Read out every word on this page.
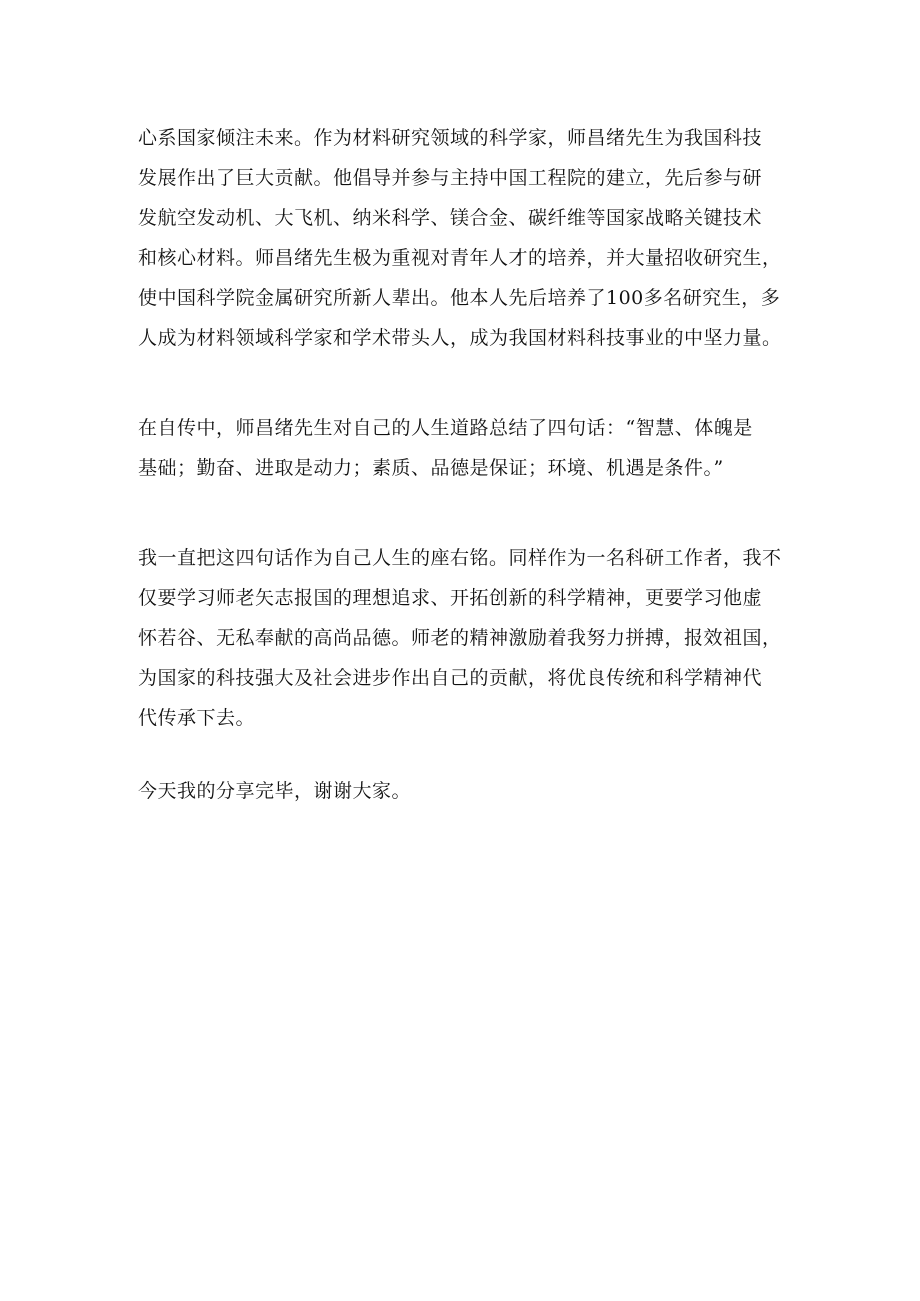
心系国家倾注未来。作为材料研究领域的科学家，师昌绪先生为我国科技
发展作出了巨大贡献。他倡导并参与主持中国工程院的建立，先后参与研
发航空发动机、大飞机、纳米科学、镁合金、碳纤维等国家战略关键技术
和核心材料。师昌绪先生极为重视对青年人才的培养，并大量招收研究生，
使中国科学院金属研究所新人辈出。他本人先后培养了100多名研究生，多
人成为材料领域科学家和学术带头人，成为我国材料科技事业的中坚力量。
在自传中，师昌绪先生对自己的人生道路总结了四句话：“智慧、体魄是
基础；勤奋、进取是动力；素质、品德是保证；环境、机遇是条件。”
我一直把这四句话作为自己人生的座右铭。同样作为一名科研工作者，我不
仅要学习师老矢志报国的理想追求、开拓创新的科学精神，更要学习他虚
怀若谷、无私奉献的高尚品德。师老的精神激励着我努力拼搏，报效祖国，
为国家的科技强大及社会进步作出自己的贡献，将优良传统和科学精神代
代传承下去。
今天我的分享完毕，谢谢大家。
